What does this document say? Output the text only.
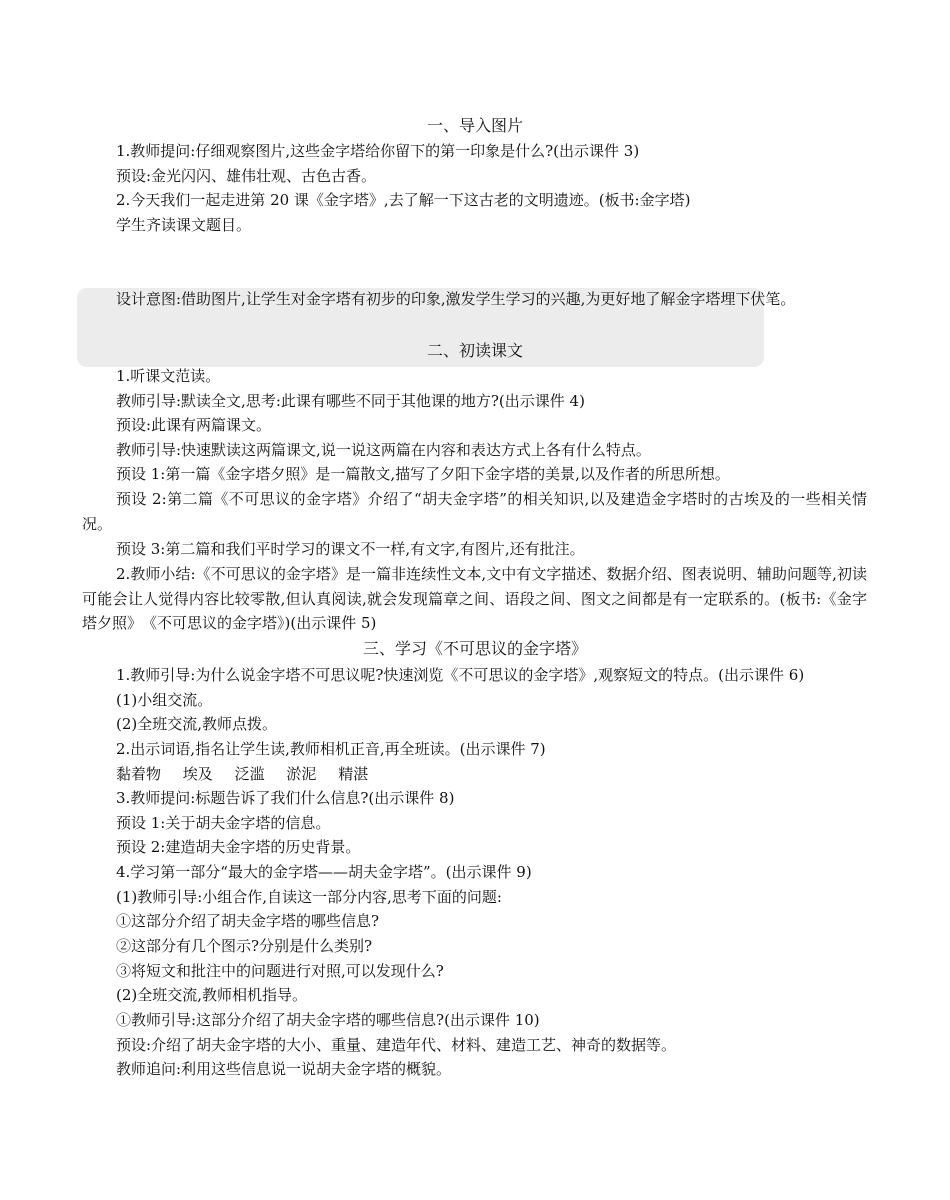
一、导入图片
1.教师提问:仔细观察图片,这些金字塔给你留下的第一印象是什么?(出示课件 3)
预设:金光闪闪、雄伟壮观、古色古香。
2.今天我们一起走进第 20 课《金字塔》,去了解一下这古老的文明遗迹。(板书:金字塔)
学生齐读课文题目。
设计意图:借助图片,让学生对金字塔有初步的印象,激发学生学习的兴趣,为更好地了解金字塔埋下伏笔。
二、初读课文
1.听课文范读。
教师引导:默读全文,思考:此课有哪些不同于其他课的地方?(出示课件 4)
预设:此课有两篇课文。
教师引导:快速默读这两篇课文,说一说这两篇在内容和表达方式上各有什么特点。
预设 1:第一篇《金字塔夕照》是一篇散文,描写了夕阳下金字塔的美景,以及作者的所思所想。
预设 2:第二篇《不可思议的金字塔》介绍了“胡夫金字塔”的相关知识,以及建造金字塔时的古埃及的一些相关情况。
预设 3:第二篇和我们平时学习的课文不一样,有文字,有图片,还有批注。
2.教师小结:《不可思议的金字塔》是一篇非连续性文本,文中有文字描述、数据介绍、图表说明、辅助问题等,初读可能会让人觉得内容比较零散,但认真阅读,就会发现篇章之间、语段之间、图文之间都是有一定联系的。(板书:《金字塔夕照》　《不可思议的金字塔》)(出示课件 5)
三、学习《不可思议的金字塔》
1.教师引导:为什么说金字塔不可思议呢?快速浏览《不可思议的金字塔》,观察短文的特点。(出示课件 6)
(1)小组交流。
(2)全班交流,教师点拨。
2.出示词语,指名让学生读,教师相机正音,再全班读。(出示课件 7)
黏着物 埃及 泛滥 淤泥 精湛
3.教师提问:标题告诉了我们什么信息?(出示课件 8)
预设 1:关于胡夫金字塔的信息。
预设 2:建造胡夫金字塔的历史背景。
4.学习第一部分“最大的金字塔——胡夫金字塔”。(出示课件 9)
(1)教师引导:小组合作,自读这一部分内容,思考下面的问题:
①这部分介绍了胡夫金字塔的哪些信息?
②这部分有几个图示?分别是什么类别?
③将短文和批注中的问题进行对照,可以发现什么?
(2)全班交流,教师相机指导。
①教师引导:这部分介绍了胡夫金字塔的哪些信息?(出示课件 10)
预设:介绍了胡夫金字塔的大小、重量、建造年代、材料、建造工艺、神奇的数据等。
教师追问:利用这些信息说一说胡夫金字塔的概貌。
